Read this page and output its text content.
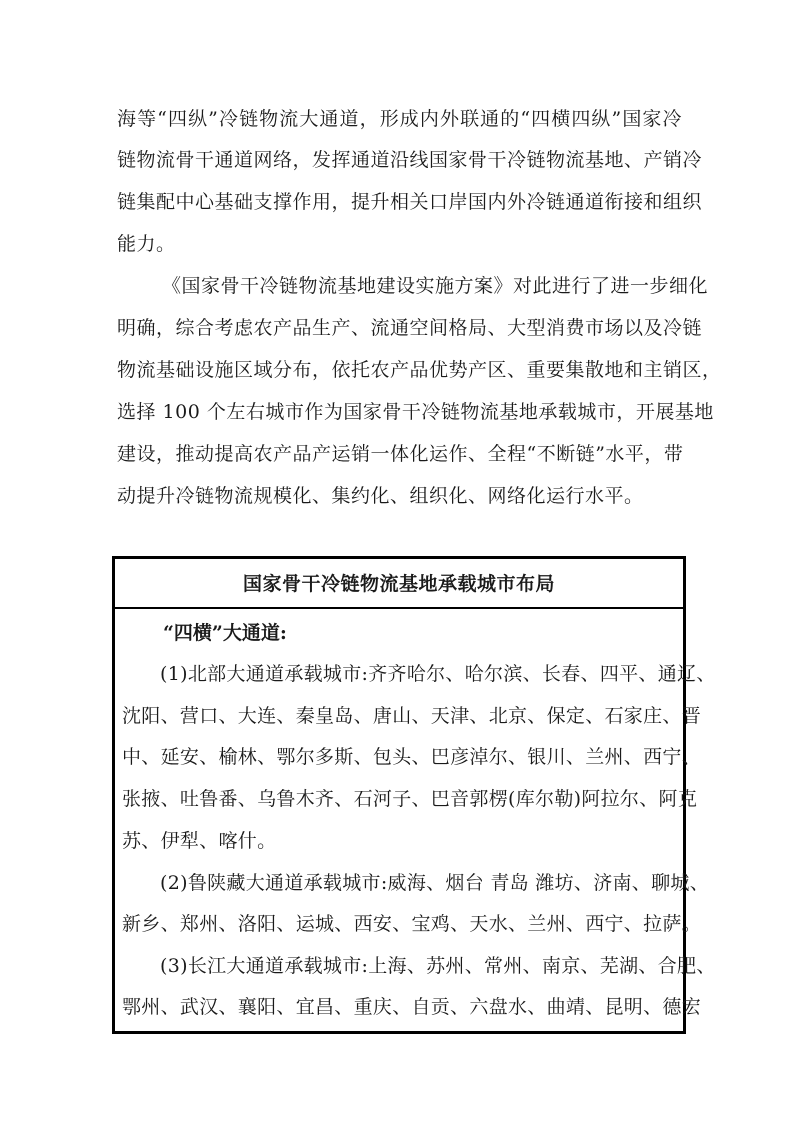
海等“四纵”冷链物流大通道，形成内外联通的“四横四纵”国家冷
链物流骨干通道网络，发挥通道沿线国家骨干冷链物流基地、产销冷
链集配中心基础支撑作用，提升相关口岸国内外冷链通道衔接和组织
能力。
《国家骨干冷链物流基地建设实施方案》对此进行了进一步细化
明确，综合考虑农产品生产、流通空间格局、大型消费市场以及冷链
物流基础设施区域分布，依托农产品优势产区、重要集散地和主销区，
选择 100 个左右城市作为国家骨干冷链物流基地承载城市，开展基地
建设，推动提高农产品产运销一体化运作、全程“不断链”水平，带
动提升冷链物流规模化、集约化、组织化、网络化运行水平。
国家骨干冷链物流基地承载城市布局
“四横”大通道:
(1)北部大通道承载城市:齐齐哈尔、哈尔滨、长春、四平、通辽、
沈阳、营口、大连、秦皇岛、唐山、天津、北京、保定、石家庄、晋
中、延安、榆林、鄂尔多斯、包头、巴彦淖尔、银川、兰州、西宁、
张掖、吐鲁番、乌鲁木齐、石河子、巴音郭楞(库尔勒)阿拉尔、阿克
苏、伊犁、喀什。
(2)鲁陕藏大通道承载城市:威海、烟台 青岛 潍坊、济南、聊城、
新乡、郑州、洛阳、运城、西安、宝鸡、天水、兰州、西宁、拉萨。
(3)长江大通道承载城市:上海、苏州、常州、南京、芜湖、合肥、
鄂州、武汉、襄阳、宜昌、重庆、自贡、六盘水、曲靖、昆明、德宏
